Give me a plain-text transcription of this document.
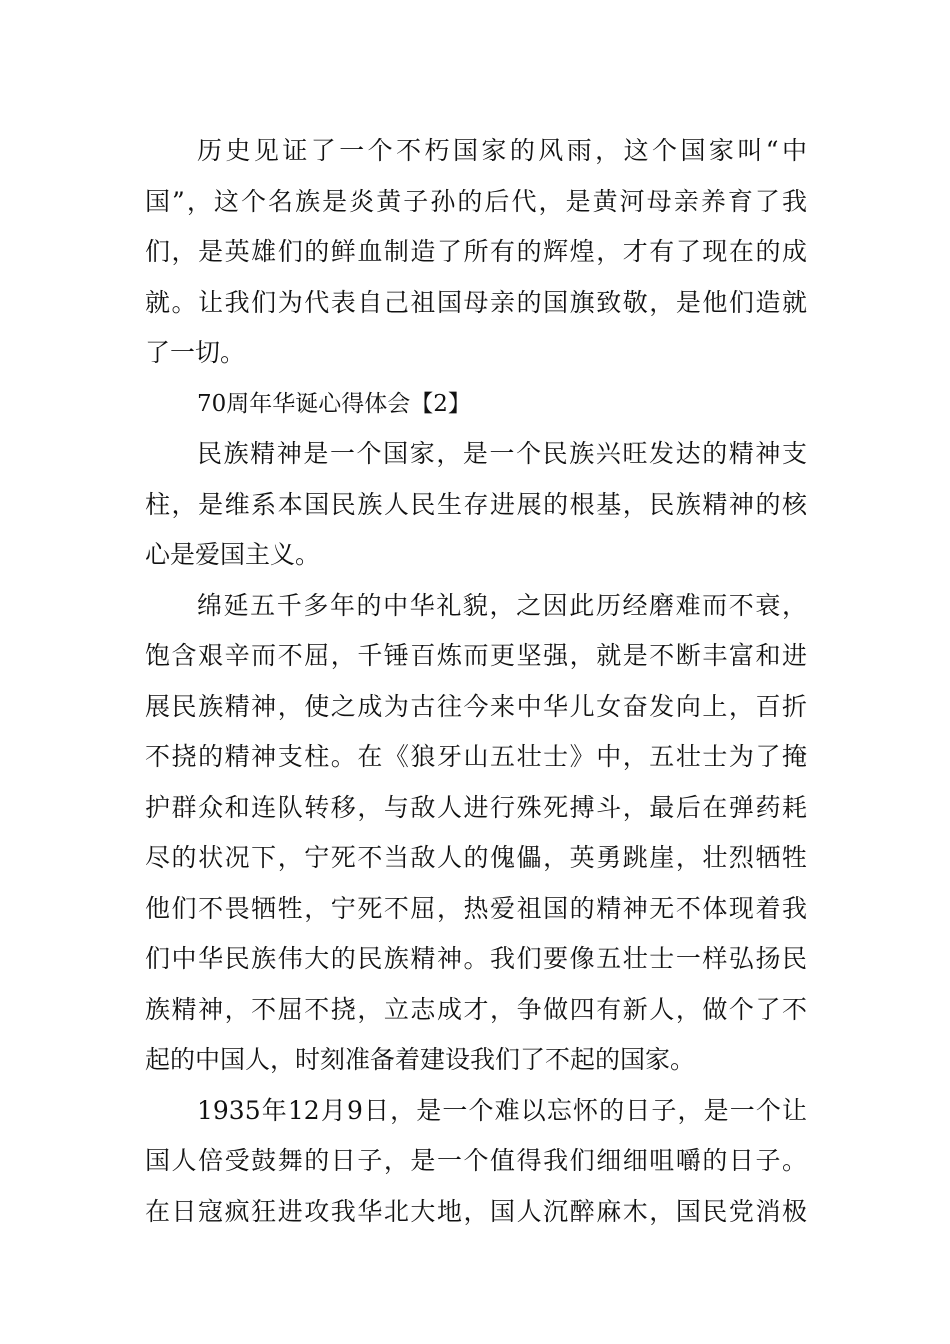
历史见证了一个不朽国家的风雨，这个国家叫“中
国”，这个名族是炎黄子孙的后代，是黄河母亲养育了我
们，是英雄们的鲜血制造了所有的辉煌，才有了现在的成
就。让我们为代表自己祖国母亲的国旗致敬，是他们造就
了一切。
70周年华诞心得体会【2】
民族精神是一个国家，是一个民族兴旺发达的精神支
柱，是维系本国民族人民生存进展的根基，民族精神的核
心是爱国主义。
绵延五千多年的中华礼貌，之因此历经磨难而不衰，
饱含艰辛而不屈，千锤百炼而更坚强，就是不断丰富和进
展民族精神，使之成为古往今来中华儿女奋发向上，百折
不挠的精神支柱。在《狼牙山五壮士》中，五壮士为了掩
护群众和连队转移，与敌人进行殊死搏斗，最后在弹药耗
尽的状况下，宁死不当敌人的傀儡，英勇跳崖，壮烈牺牲
他们不畏牺牲，宁死不屈，热爱祖国的精神无不体现着我
们中华民族伟大的民族精神。我们要像五壮士一样弘扬民
族精神，不屈不挠，立志成才，争做四有新人，做个了不
起的中国人，时刻准备着建设我们了不起的国家。
1935年12月9日，是一个难以忘怀的日子，是一个让
国人倍受鼓舞的日子，是一个值得我们细细咀嚼的日子。
在日寇疯狂进攻我华北大地，国人沉醉麻木，国民党消极
